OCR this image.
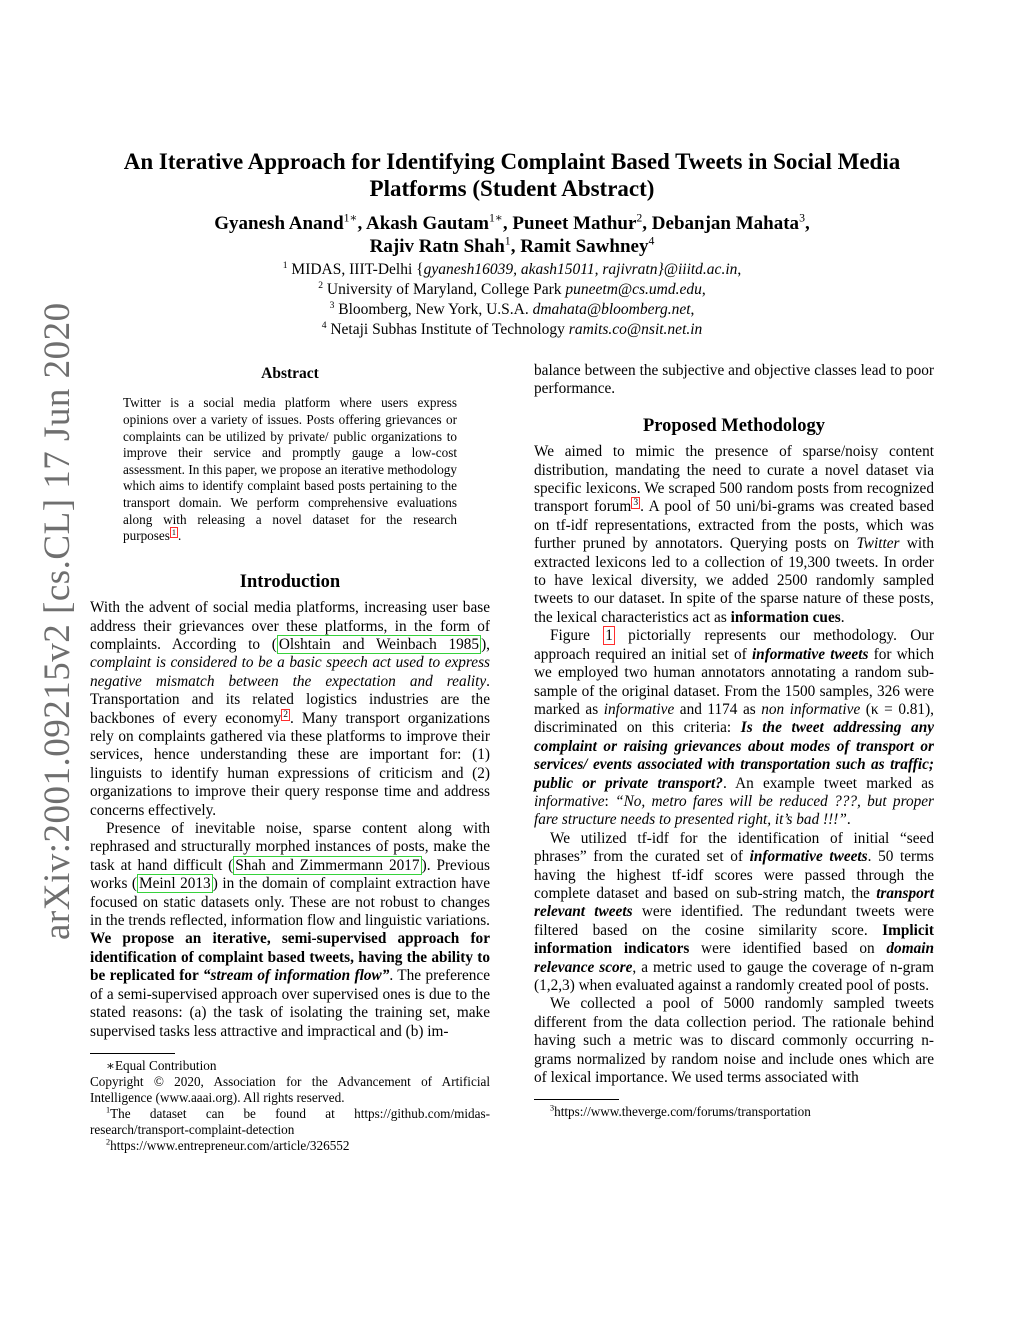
arXiv:2001.09215v2 [cs.CL] 17 Jun 2020
An Iterative Approach for Identifying Complaint Based Tweets in Social Media Platforms (Student Abstract)
Gyanesh Anand$^{1∗}$, Akash Gautam$^{1∗}$, Puneet Mathur$^2$, Debanjan Mahata$^3$,
Rajiv Ratn Shah$^1$, Ramit Sawhney$^4$
$^1$ MIDAS, IIIT-Delhi {gyanesh16039, akash15011, rajivratn}@iiitd.ac.in,
$^2$ University of Maryland, College Park puneetm@cs.umd.edu,
$^3$ Bloomberg, New York, U.S.A. dmahata@bloomberg.net,
$^4$ Netaji Subhas Institute of Technology ramits.co@nsit.net.in
Abstract
Twitter is a social media platform where users express opinions over a variety of issues. Posts offering grievances or complaints can be utilized by private/ public organizations to improve their service and promptly gauge a low-cost assessment. In this paper, we propose an iterative methodology which aims to identify complaint based posts pertaining to the transport domain. We perform comprehensive evaluations along with releasing a novel dataset for the research purposes $^1$ .
Introduction

With the advent of social media platforms, increasing user base address their grievances over these platforms, in the form of complaints. According to ( Olshtain and Weinbach 1985 ), complaint is considered to be a basic speech act used to express negative mismatch between the expectation and reality. Transportation and its related logistics industries are the backbones of every economy $^2$ . Many transport organizations rely on complaints gathered via these platforms to improve their services, hence understanding these are important for: (1) linguists to identify human expressions of criticism and (2) organizations to improve their query response time and address concerns effectively.

Presence of inevitable noise, sparse content along with rephrased and structurally morphed instances of posts, make the task at hand difficult ( Shah and Zimmermann 2017 ). Previous works ( Meinl 2013 ) in the domain of complaint extraction have focused on static datasets only. These are not robust to changes in the trends reflected, information flow and linguistic variations. We propose an iterative, semi-supervised approach for identification of complaint based tweets, having the ability to be replicated for “stream of information flow”. The preference of a semi-supervised approach over supervised ones is due to the stated reasons: (a) the task of isolating the training set, make supervised tasks less attractive and impractical and (b) im-

∗Equal Contribution

Copyright © 2020, Association for the Advancement of Artificial Intelligence (www.aaai.org). All rights reserved.

$^1$The dataset can be found at https://github.com/midas-research/transport-complaint-detection

$^2$https://www.entrepreneur.com/article/326552

balance between the subjective and objective classes lead to poor performance.

Proposed Methodology

We aimed to mimic the presence of sparse/noisy content distribution, mandating the need to curate a novel dataset via specific lexicons. We scraped 500 random posts from recognized transport forum $^3$ . A pool of 50 uni/bi-grams was created based on tf-idf representations, extracted from the posts, which was further pruned by annotators. Querying posts on Twitter with extracted lexicons led to a collection of 19,300 tweets. In order to have lexical diversity, we added 2500 randomly sampled tweets to our dataset. In spite of the sparse nature of these posts, the lexical characteristics act as information cues.

Figure 1 pictorially represents our methodology. Our approach required an initial set of informative tweets for which we employed two human annotators annotating a random sub-sample of the original dataset. From the 1500 samples, 326 were marked as informative and 1174 as non informative (κ = 0.81), discriminated on this criteria: Is the tweet addressing any complaint or raising grievances about modes of transport or services/ events associated with transportation such as traffic; public or private transport?. An example tweet marked as informative: “No, metro fares will be reduced ???, but proper fare structure needs to presented right, it’s bad !!!”.

We utilized tf-idf for the identification of initial “seed phrases” from the curated set of informative tweets. 50 terms having the highest tf-idf scores were passed through the complete dataset and based on sub-string match, the transport relevant tweets were identified. The redundant tweets were filtered based on the cosine similarity score. Implicit information indicators were identified based on domain relevance score, a metric used to gauge the coverage of n-gram (1,2,3) when evaluated against a randomly created pool of posts.

We collected a pool of 5000 randomly sampled tweets different from the data collection period. The rationale behind having such a metric was to discard commonly occurring n-grams normalized by random noise and include ones which are of lexical importance. We used terms associated with

$^3$https://www.theverge.com/forums/transportation
